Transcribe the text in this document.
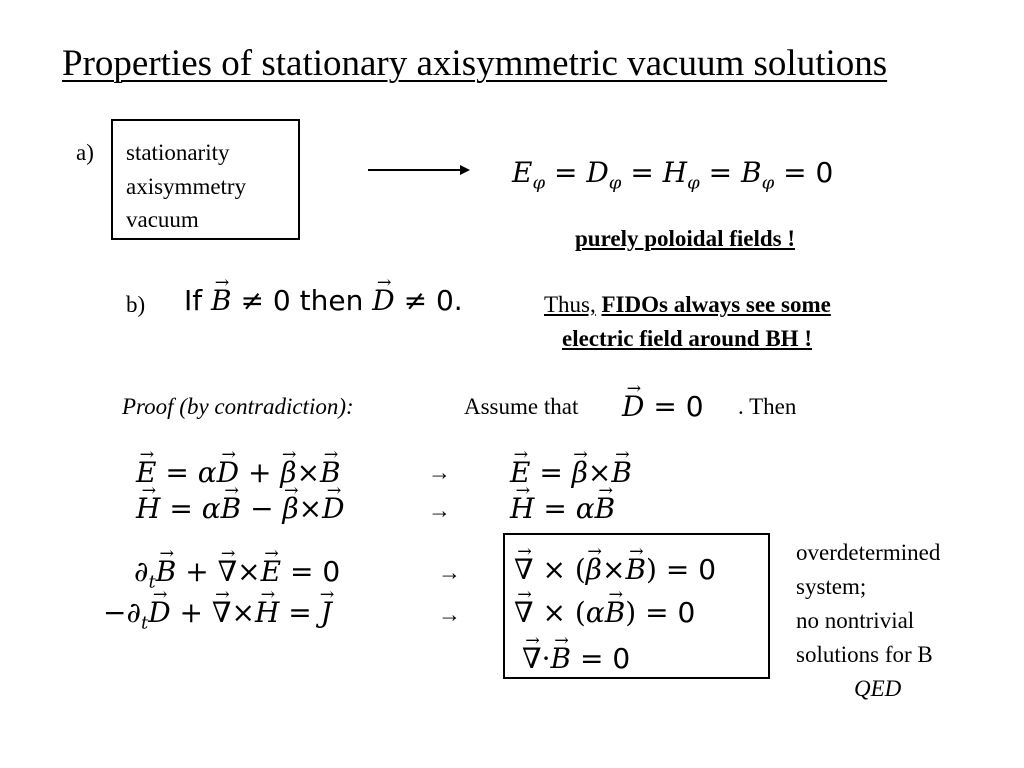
Properties of stationary axisymmetric vacuum solutions
a) stationarity
axisymmetry
vacuum
$E_\varphi = D_\varphi = H_\varphi = B_\varphi = 0$
purely poloidal fields !
b) If → B ≠ 0 then → D ≠ 0.	Thus, FIDOs always see some
electric field around BH !
Proof (by contradiction):	Assume that → D = 0 . Then
→ E = α→ D + → β×→ B	→ → E = → β×→ B
→ H = α→ B − → β×→ D	→ → H = α→ B
$\partial_t\to B$ + → ∇×→ E = 0	→
$-\partial_t\to D$ + → ∇×→ H = → J	→
→ ∇ × (→ β×→ B) = 0
→ ∇ × (α→ B) = 0
→ ∇·→ B = 0
overdetermined
system;
no nontrivial
solutions for B
QED
